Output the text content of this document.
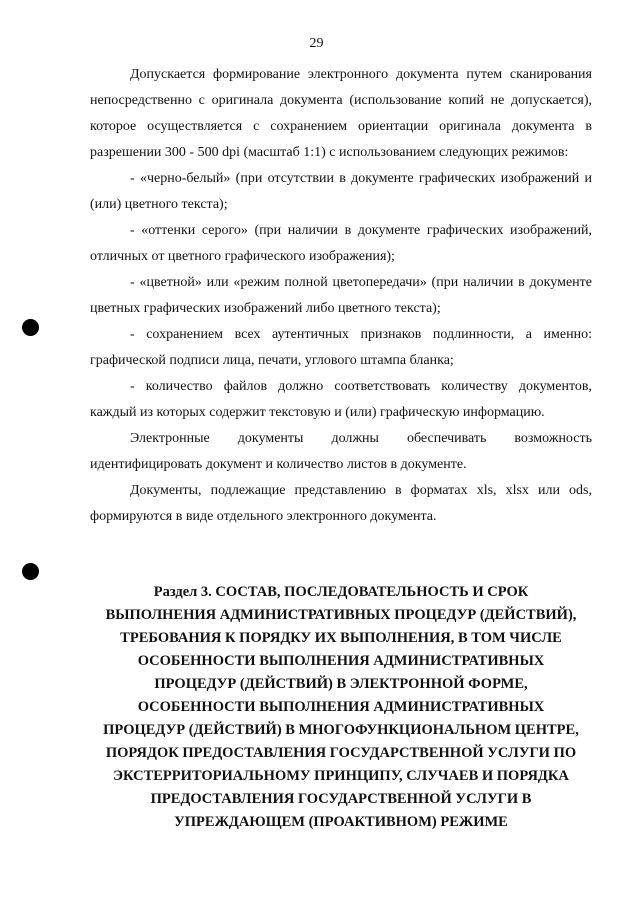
29

Допускается формирование электронного документа путем сканирования непосредственно с оригинала документа (использование копий не допускается), которое осуществляется с сохранением ориентации оригинала документа в разрешении 300 - 500 dpi (масштаб 1:1) с использованием следующих режимов:

- «черно-белый» (при отсутствии в документе графических изображений и (или) цветного текста);

- «оттенки серого» (при наличии в документе графических изображений, отличных от цветного графического изображения);

- «цветной» или «режим полной цветопередачи» (при наличии в документе цветных графических изображений либо цветного текста);

- сохранением всех аутентичных признаков подлинности, а именно: графической подписи лица, печати, углового штампа бланка;

- количество файлов должно соответствовать количеству документов, каждый из которых содержит текстовую и (или) графическую информацию.

Электронные документы должны обеспечивать возможность идентифицировать документ и количество листов в документе.

Документы, подлежащие представлению в форматах xls, xlsx или ods, формируются в виде отдельного электронного документа.

Раздел 3. СОСТАВ, ПОСЛЕДОВАТЕЛЬНОСТЬ И СРОК
ВЫПОЛНЕНИЯ АДМИНИСТРАТИВНЫХ ПРОЦЕДУР (ДЕЙСТВИЙ),
ТРЕБОВАНИЯ К ПОРЯДКУ ИХ ВЫПОЛНЕНИЯ, В ТОМ ЧИСЛЕ
ОСОБЕННОСТИ ВЫПОЛНЕНИЯ АДМИНИСТРАТИВНЫХ
ПРОЦЕДУР (ДЕЙСТВИЙ) В ЭЛЕКТРОННОЙ ФОРМЕ,
ОСОБЕННОСТИ ВЫПОЛНЕНИЯ АДМИНИСТРАТИВНЫХ
ПРОЦЕДУР (ДЕЙСТВИЙ) В МНОГОФУНКЦИОНАЛЬНОМ ЦЕНТРЕ,
ПОРЯДОК ПРЕДОСТАВЛЕНИЯ ГОСУДАРСТВЕННОЙ УСЛУГИ ПО
ЭКСТЕРРИТОРИАЛЬНОМУ ПРИНЦИПУ, СЛУЧАЕВ И ПОРЯДКА
ПРЕДОСТАВЛЕНИЯ ГОСУДАРСТВЕННОЙ УСЛУГИ В
УПРЕЖДАЮЩЕМ (ПРОАКТИВНОМ) РЕЖИМЕ
